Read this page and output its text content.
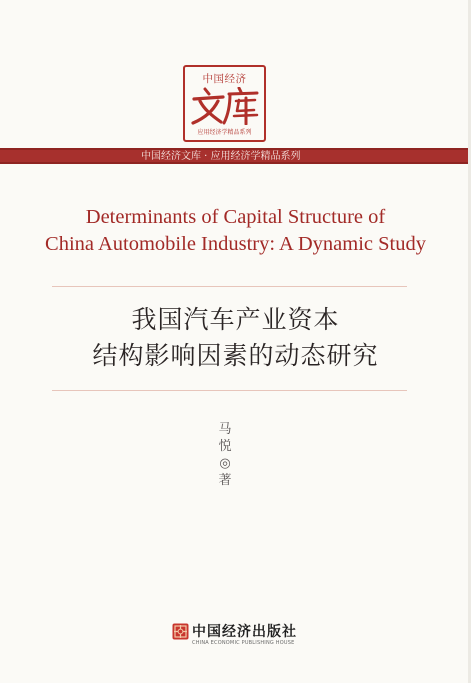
中国经济
应用经济学精品系列
中国经济文库 · 应用经济学精品系列
Determinants of Capital Structure of
China Automobile Industry: A Dynamic Study
我国汽车产业资本
结构影响因素的动态研究
马
悦
◎
著
中国经济出版社
CHINA ECONOMIC PUBLISHING HOUSE
